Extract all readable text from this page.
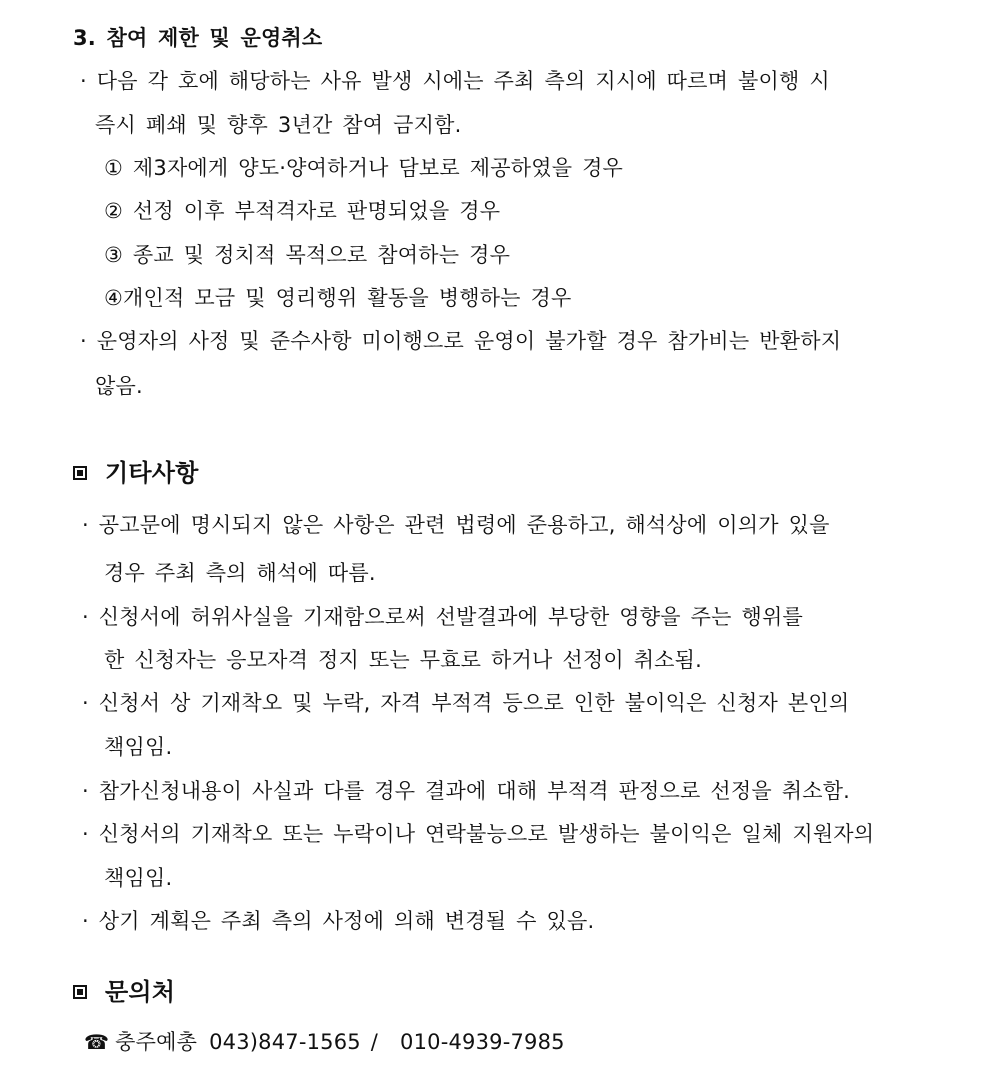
3. 참여 제한 및 운영취소
· 다음 각 호에 해당하는 사유 발생 시에는 주최 측의 지시에 따르며 불이행 시
즉시 폐쇄 및 향후 3년간 참여 금지함.
① 제3자에게 양도·양여하거나 담보로 제공하였을 경우
② 선정 이후 부적격자로 판명되었을 경우
③ 종교 및 정치적 목적으로 참여하는 경우
④개인적 모금 및 영리행위 활동을 병행하는 경우
· 운영자의 사정 및 준수사항 미이행으로 운영이 불가할 경우 참가비는 반환하지
않음.
기타사항
· 공고문에 명시되지 않은 사항은 관련 법령에 준용하고, 해석상에 이의가 있을
경우 주최 측의 해석에 따름.
· 신청서에 허위사실을 기재함으로써 선발결과에 부당한 영향을 주는 행위를
한 신청자는 응모자격 정지 또는 무효로 하거나 선정이 취소됨.
· 신청서 상 기재착오 및 누락, 자격 부적격 등으로 인한 불이익은 신청자 본인의
책임임.
· 참가신청내용이 사실과 다를 경우 결과에 대해 부적격 판정으로 선정을 취소함.
· 신청서의 기재착오 또는 누락이나 연락불능으로 발생하는 불이익은 일체 지원자의
책임임.
· 상기 계획은 주최 측의 사정에 의해 변경될 수 있음.
문의처
☎ 충주예총 043)847-1565 / 010-4939-7985
